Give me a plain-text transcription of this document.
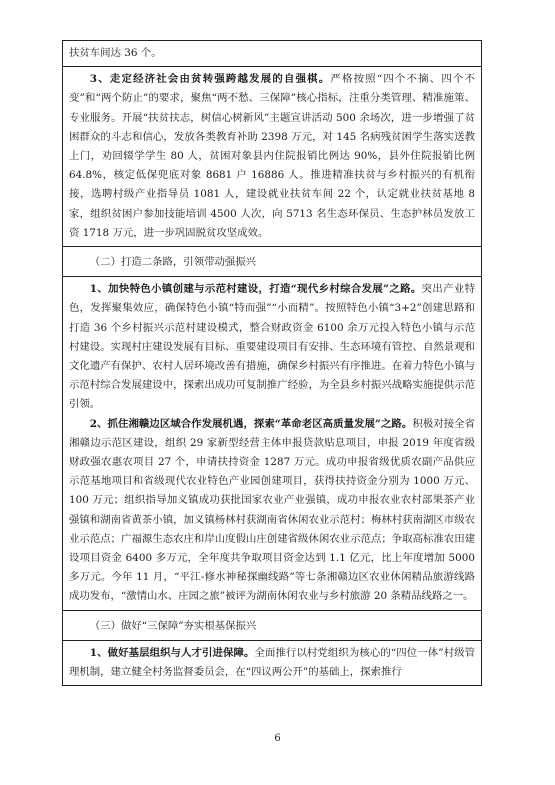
扶贫车间达 36 个。

3、走定经济社会由贫转强跨越发展的自强棋。严格按照“四个不摘、四个不变”和“两个防止”的要求，聚焦“两不愁、三保障”核心指标，注重分类管理、精准施策、专业服务。开展“扶贫扶志，树信心树新风”主题宣讲活动 500 余场次，进一步增强了贫困群众的斗志和信心，发放各类教育补助 2398 万元，对 145 名病残贫困学生落实送教上门，劝回辍学学生 80 人，贫困对象县内住院报销比例达 90%，县外住院报销比例 64.8%，核定低保兜底对象 8681 户 16886 人。推进精准扶贫与乡村振兴的有机衔接，选聘村级产业指导员 1081 人，建设就业扶贫车间 22 个，认定就业扶贫基地 8 家，组织贫困户参加技能培训 4500 人次，向 5713 名生态环保员、生态护林员发放工资 1718 万元，进一步巩固脱贫攻坚成效。

（二）打造二条路，引领带动强振兴

1、加快特色小镇创建与示范村建设，打造“现代乡村综合发展”之路。突出产业特色，发挥聚集效应，确保特色小镇“特而强”“小而精”。按照特色小镇“3+2”创建思路和打造 36 个乡村振兴示范村建设模式，整合财政资金 6100 余万元投入特色小镇与示范村建设。实现村庄建设发展有目标、重要建设项目有安排、生态环境有管控、自然景观和文化遗产有保护、农村人居环境改善有措施，确保乡村振兴有序推进。在着力特色小镇与示范村综合发展建设中，探索出成功可复制推广经验，为全县乡村振兴战略实施提供示范引领。

2、抓住湘赣边区域合作发展机遇，探索“革命老区高质量发展”之路。积极对接全省湘赣边示范区建设，组织 29 家新型经营主体申报贷款贴息项目，申报 2019 年度省级财政强农惠农项目 27 个，申请扶持资金 1287 万元。成功申报省级优质农副产品供应示范基地项目和省级现代农业特色产业园创建项目，获得扶持资金分别为 1000 万元、100 万元；组织指导加义镇成功获批国家农业产业强镇，成功申报农业农村部果茶产业强镇和湖南省黄茶小镇，加义镇杨林村获湖南省休闲农业示范村；梅林村获南湖区市级农业示范点；广福源生态农庄和岸山度假山庄创建省级休闲农业示范点；争取高标准农田建设项目资金 6400 多万元，全年度共争取项目资金达到 1.1 亿元，比上年度增加 5000 多万元。今年 11 月，“平江-修水神秘探幽线路”等七条湘赣边区农业休闲精品旅游线路成功发布，“激情山水、庄园之旅”被评为湖南休闲农业与乡村旅游 20 条精品线路之一。

（三）做好“三保障”夯实根基保振兴

1、做好基层组织与人才引进保障。全面推行以村党组织为核心的“四位一体”村级管理机制，建立健全村务监督委员会，在“四议两公开”的基础上，探索推行

6
